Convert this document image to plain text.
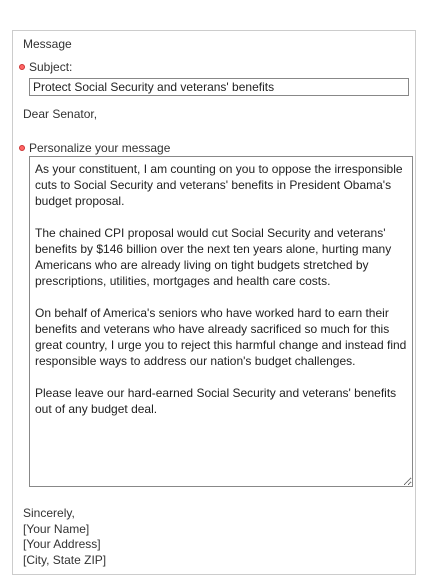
Message
Subject:
Protect Social Security and veterans' benefits
Dear Senator,
Personalize your message
As your constituent, I am counting on you to oppose the irresponsible cuts to Social Security and veterans' benefits in President Obama's budget proposal. The chained CPI proposal would cut Social Security and veterans' benefits by $146 billion over the next ten years alone, hurting many Americans who are already living on tight budgets stretched by prescriptions, utilities, mortgages and health care costs. On behalf of America's seniors who have worked hard to earn their benefits and veterans who have already sacrificed so much for this great country, I urge you to reject this harmful change and instead find responsible ways to address our nation's budget challenges. Please leave our hard-earned Social Security and veterans' benefits out of any budget deal.
Sincerely,
[Your Name]
[Your Address]
[City, State ZIP]
